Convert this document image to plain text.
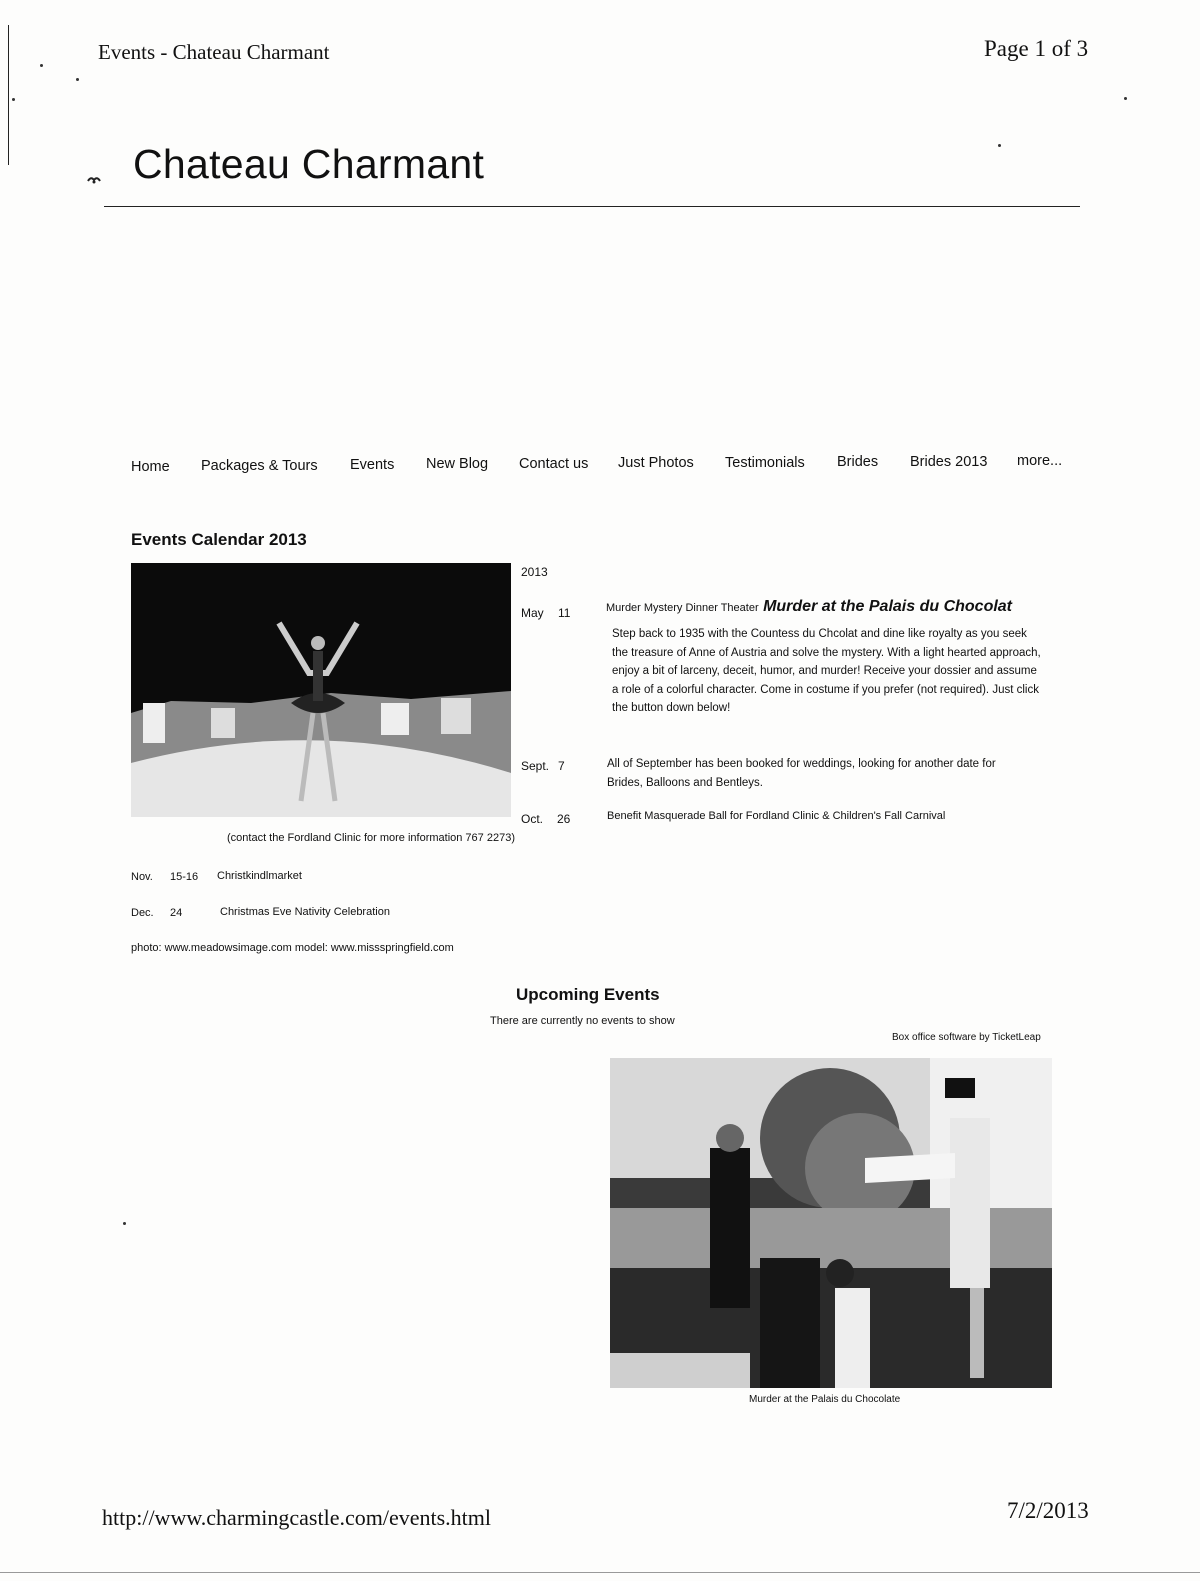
Events - Chateau Charmant	Page 1 of 3
Chateau Charmant
Home Packages & Tours Events New Blog Contact us Just Photos Testimonials Brides Brides 2013 more...
Events Calendar 2013
2013
May 11	Murder Mystery Dinner Theater Murder at the Palais du Chocolat
Step back to 1935 with the Countess du Chcolat and dine like royalty as you seek the treasure of Anne of Austria and solve the mystery. With a light hearted approach, enjoy a bit of larceny, deceit, humor, and murder! Receive your dossier and assume a role of a colorful character. Come in costume if you prefer (not required). Just click the button down below!
Sept. 7	All of September has been booked for weddings, looking for another date for Brides, Balloons and Bentleys.
Oct. 26	Benefit Masquerade Ball for Fordland Clinic & Children's Fall Carnival
(contact the Fordland Clinic for more information 767 2273)
Nov. 15-16 Christkindlmarket
Dec. 24	Christmas Eve Nativity Celebration
photo: www.meadowsimage.com model: www.missspringfield.com
Upcoming Events
There are currently no events to show
Box office software by TicketLeap
Murder at the Palais du Chocolate
http://www.charmingcastle.com/events.html	7/2/2013
